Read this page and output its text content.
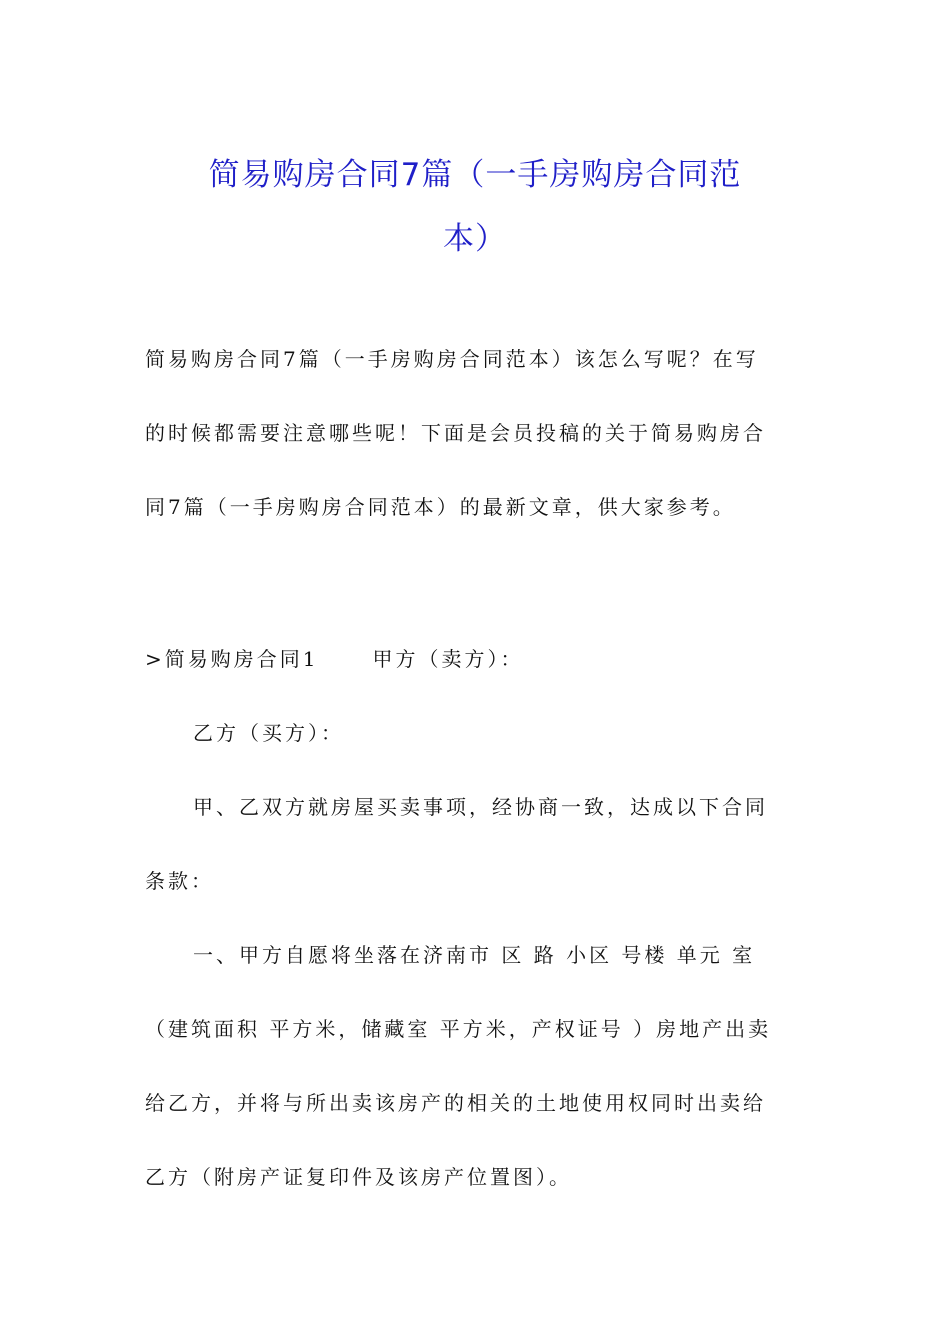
简易购房合同7篇（一手房购房合同范
本）
简易购房合同7篇（一手房购房合同范本）该怎么写呢？在写
的时候都需要注意哪些呢！下面是会员投稿的关于简易购房合
同7篇（一手房购房合同范本）的最新文章，供大家参考。
>简易购房合同1	甲方（卖方）：
乙方（买方）：
甲、乙双方就房屋买卖事项，经协商一致，达成以下合同
条款：
一、甲方自愿将坐落在济南市 区 路 小区 号楼 单元 室
（建筑面积 平方米，储藏室 平方米，产权证号 ）房地产出卖
给乙方，并将与所出卖该房产的相关的土地使用权同时出卖给
乙方（附房产证复印件及该房产位置图）。
